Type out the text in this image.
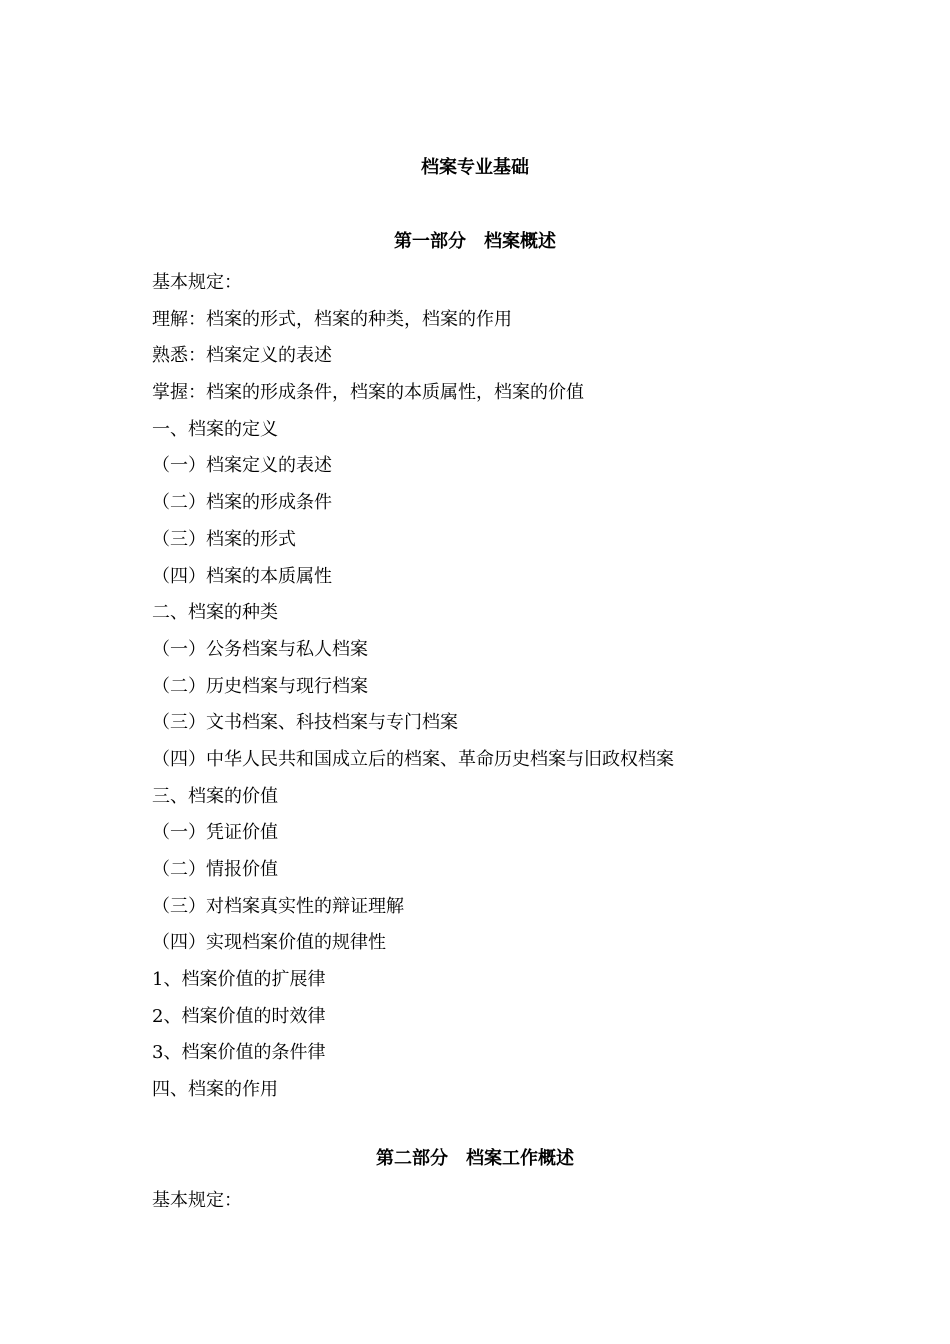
档案专业基础
第一部分　档案概述

基本规定：

理解：档案的形式，档案的种类，档案的作用

熟悉：档案定义的表述

掌握：档案的形成条件，档案的本质属性，档案的价值

一、档案的定义

（一）档案定义的表述

（二）档案的形成条件

（三）档案的形式

（四）档案的本质属性

二、档案的种类

（一）公务档案与私人档案

（二）历史档案与现行档案

（三）文书档案、科技档案与专门档案

（四）中华人民共和国成立后的档案、革命历史档案与旧政权档案

三、档案的价值

（一）凭证价值

（二）情报价值

（三）对档案真实性的辩证理解

（四）实现档案价值的规律性

1、档案价值的扩展律

2、档案价值的时效律

3、档案价值的条件律

四、档案的作用

第二部分　档案工作概述

基本规定：
